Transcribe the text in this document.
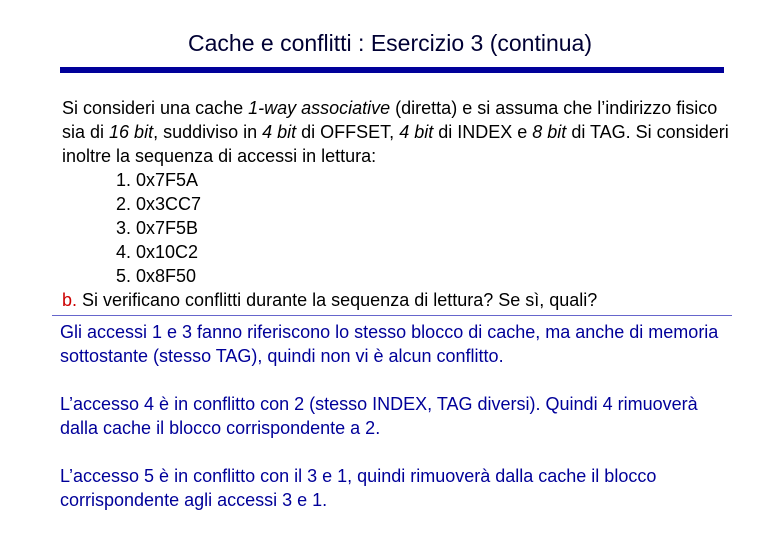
Cache e conflitti : Esercizio 3 (continua)

Si consideri una cache 1-way associative (diretta) e si assuma che l’indirizzo fisico sia di 16 bit, suddiviso in 4 bit di OFFSET, 4 bit di INDEX e 8 bit di TAG. Si consideri inoltre la sequenza di accessi in lettura:

1. 0x7F5A
2. 0x3CC7
3. 0x7F5B
4. 0x10C2
5. 0x8F50

b. Si verificano conflitti durante la sequenza di lettura? Se sì, quali?

Gli accessi 1 e 3 fanno riferiscono lo stesso blocco di cache, ma anche di memoria sottostante (stesso TAG), quindi non vi è alcun conflitto.

L’accesso 4 è in conflitto con 2 (stesso INDEX, TAG diversi). Quindi 4 rimuoverà dalla cache il blocco corrispondente a 2.

L’accesso 5 è in conflitto con il 3 e 1, quindi rimuoverà dalla cache il blocco corrispondente agli accessi 3 e 1.
